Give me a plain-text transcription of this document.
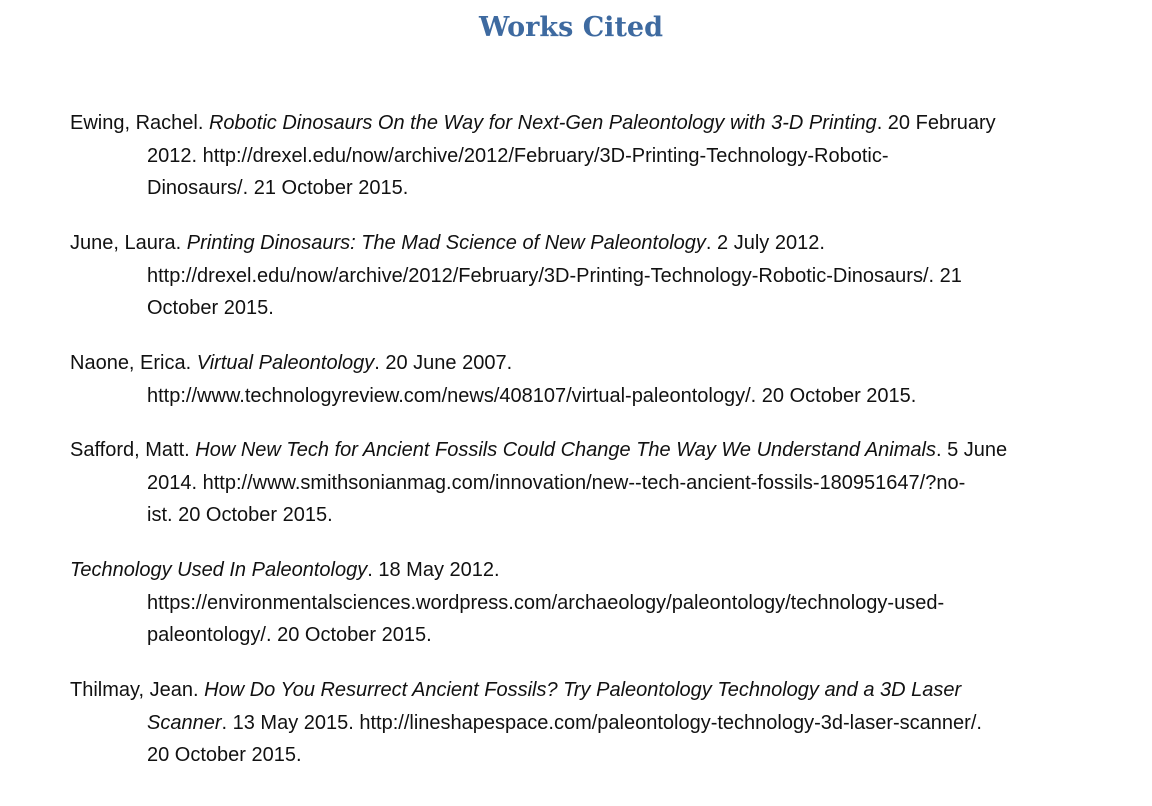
Works Cited
Ewing, Rachel. Robotic Dinosaurs On the Way for Next-Gen Paleontology with 3-D Printing. 20 February
2012. http://drexel.edu/now/archive/2012/February/3D-Printing-Technology-Robotic-
Dinosaurs/. 21 October 2015.
June, Laura. Printing Dinosaurs: The Mad Science of New Paleontology. 2 July 2012.
http://drexel.edu/now/archive/2012/February/3D-Printing-Technology-Robotic-Dinosaurs/. 21
October 2015.
Naone, Erica. Virtual Paleontology. 20 June 2007.
http://www.technologyreview.com/news/408107/virtual-paleontology/. 20 October 2015.
Safford, Matt. How New Tech for Ancient Fossils Could Change The Way We Understand Animals. 5 June
2014. http://www.smithsonianmag.com/innovation/new--tech-ancient-fossils-180951647/?no-
ist. 20 October 2015.
Technology Used In Paleontology. 18 May 2012.
https://environmentalsciences.wordpress.com/archaeology/paleontology/technology-used-
paleontology/. 20 October 2015.
Thilmay, Jean. How Do You Resurrect Ancient Fossils? Try Paleontology Technology and a 3D Laser
Scanner. 13 May 2015. http://lineshapespace.com/paleontology-technology-3d-laser-scanner/.
20 October 2015.
